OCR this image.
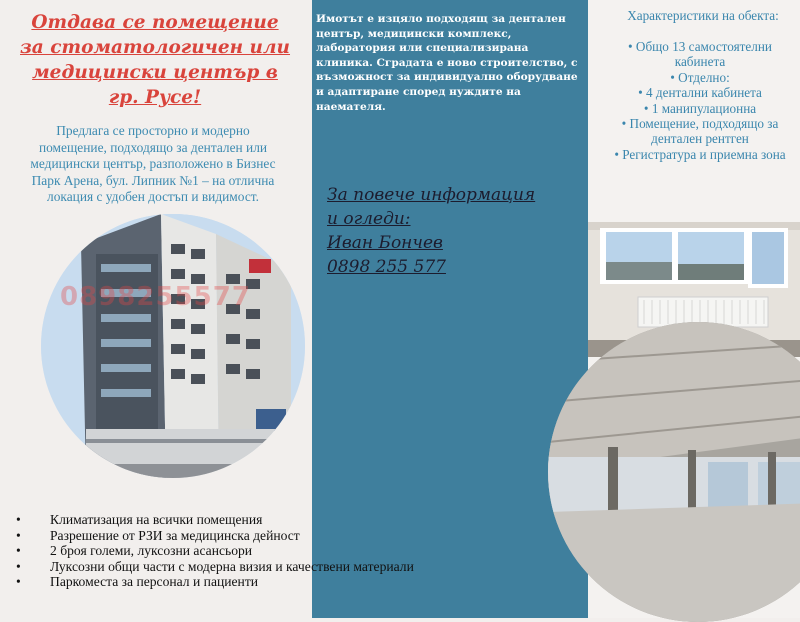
Отдава се помещение
за стоматологичен или
медицински център в
гр. Русе!
Предлага се просторно и модерно помещение, подходящо за дентален или медицински център, разположено в Бизнес Парк Арена, бул. Липник №1 – на отлична локация с удобен достъп и видимост.
0898255577
• Климатизация на всички помещения
• Разрешение от РЗИ за медицинска дейност
• 2 броя големи, луксозни асансьори
• Луксозни общи части с модерна визия и качествени материали
• Паркоместа за персонал и пациенти
Имотът е изцяло подходящ за дентален център, медицински комплекс, лаборатория или специализирана клиника. Сградата е ново строителство, с възможност за индивидуално оборудване и адаптиране според нуждите на наемателя.
За повече информация
и огледи:
Иван Бончев
0898 255 577
Характеристики на обекта:
• Общо 13 самостоятелни кабинета
• Отделно:
• 4 дентални кабинета
• 1 манипулационна
• Помещение, подходящо за дентален рентген
• Регистратура и приемна зона
